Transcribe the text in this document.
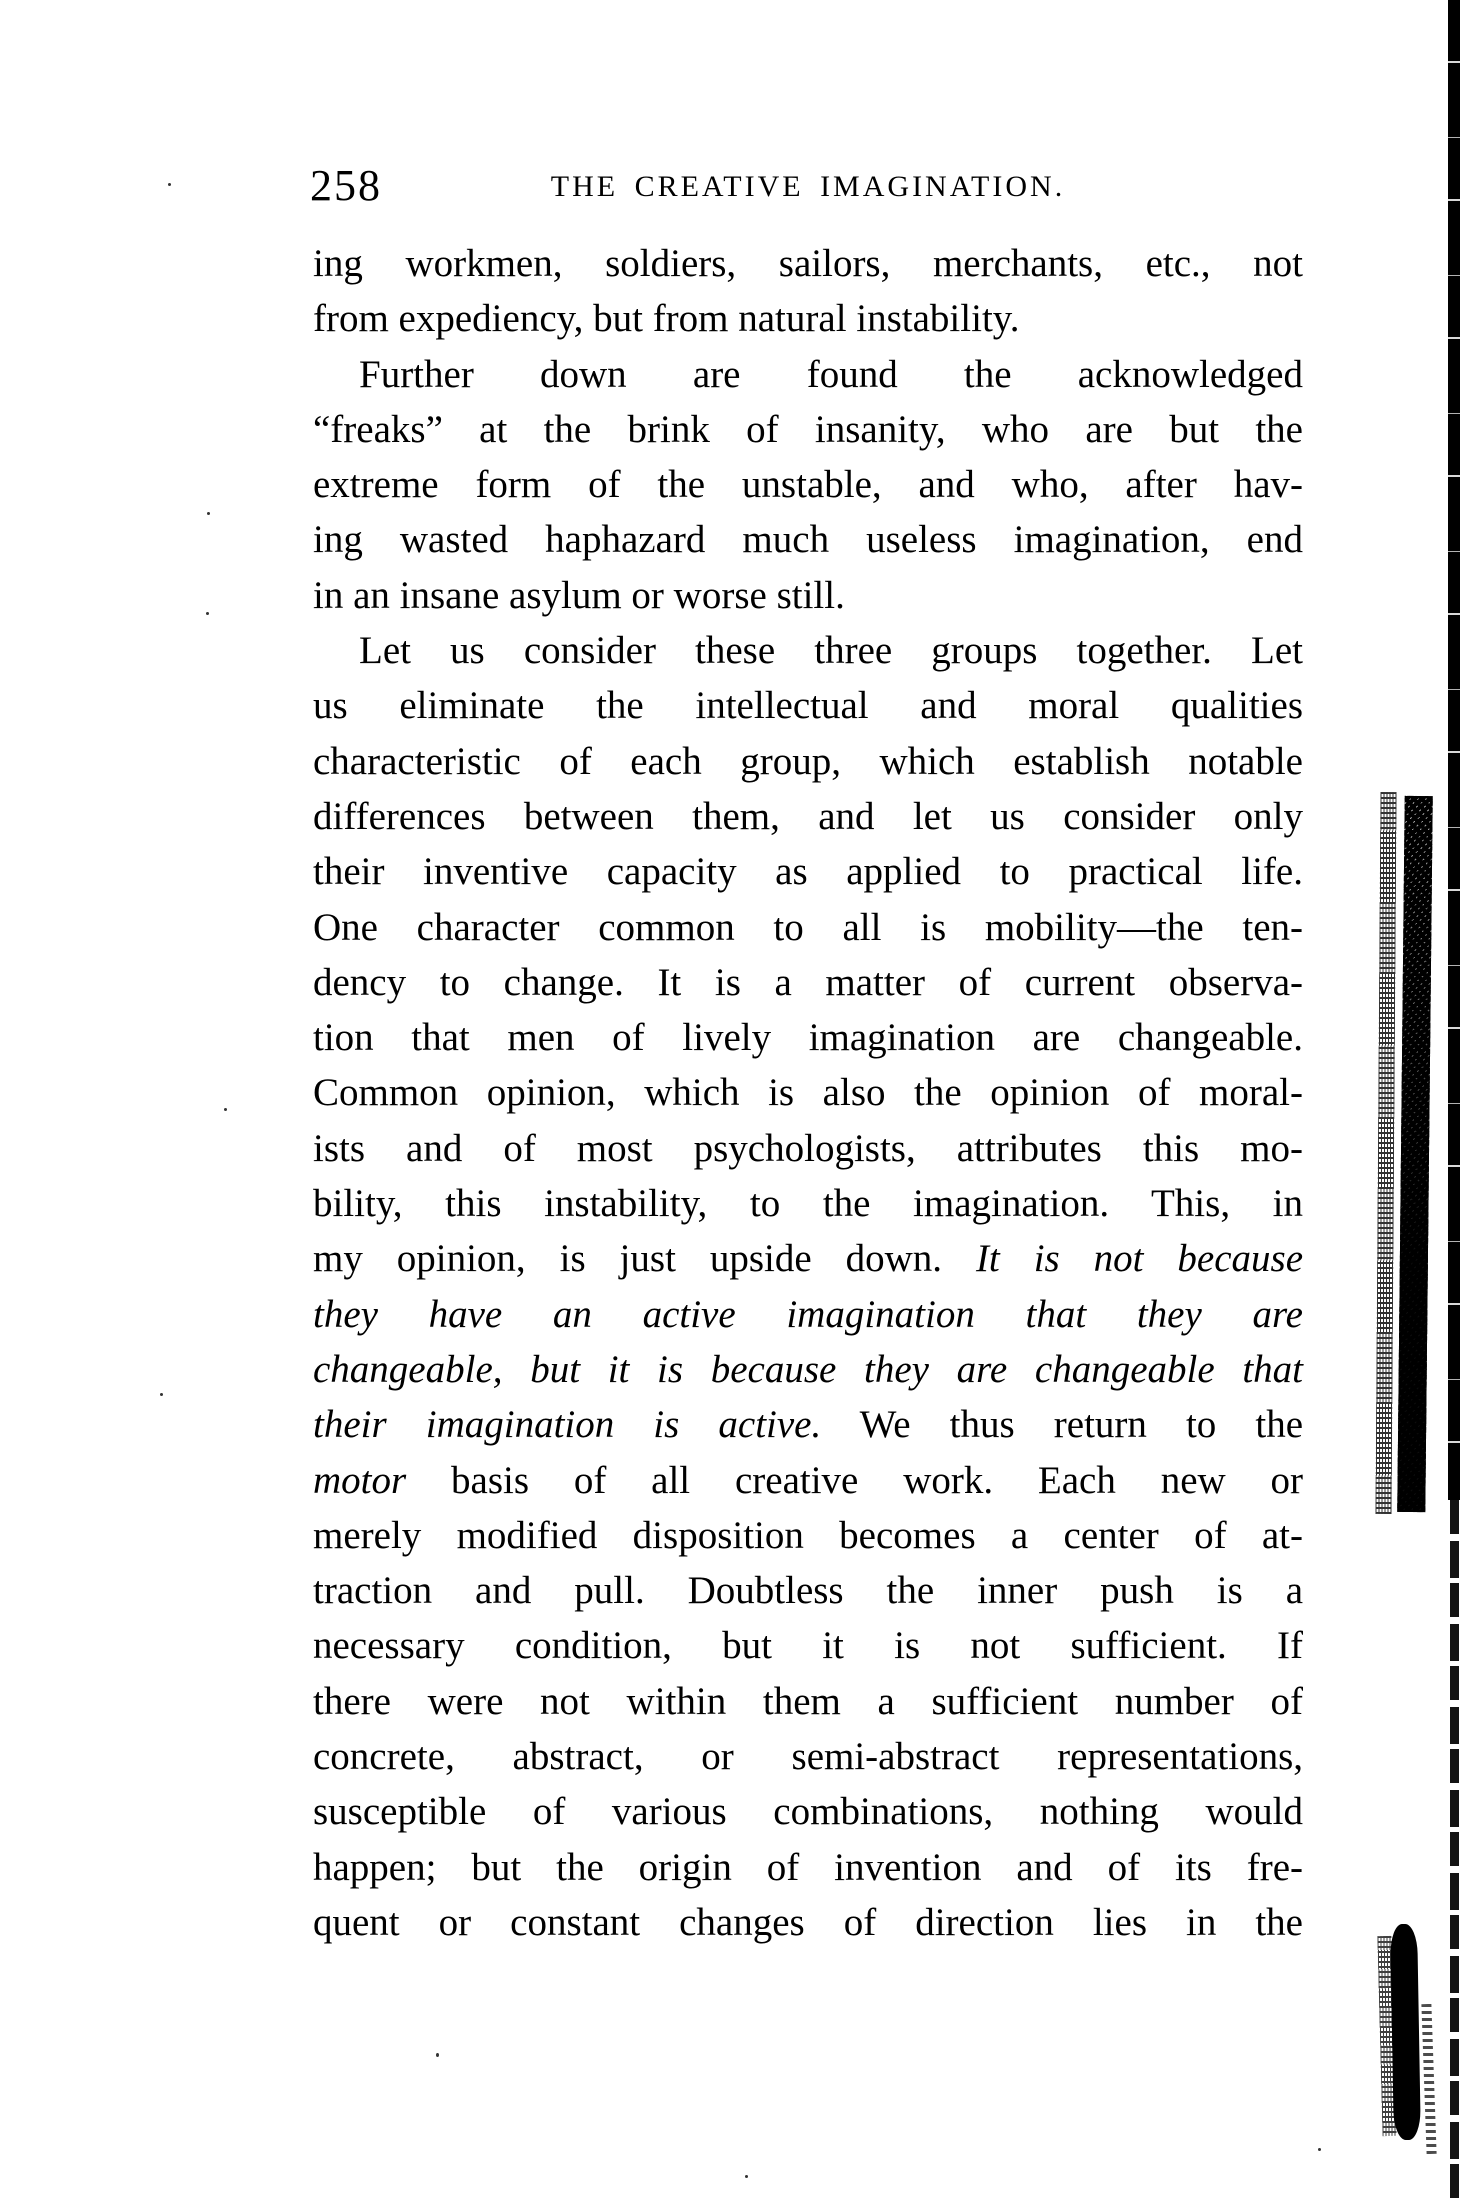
258	THE CREATIVE IMAGINATION.
ing workmen, soldiers, sailors, merchants, etc., not
from expediency, but from natural instability.
Further down are found the acknowledged
“freaks” at the brink of insanity, who are but the
extreme form of the unstable, and who, after hav-
ing wasted haphazard much useless imagination, end
in an insane asylum or worse still.
Let us consider these three groups together. Let
us eliminate the intellectual and moral qualities
characteristic of each group, which establish notable
differences between them, and let us consider only
their inventive capacity as applied to practical life.
One character common to all is mobility—the ten-
dency to change. It is a matter of current observa-
tion that men of lively imagination are changeable.
Common opinion, which is also the opinion of moral-
ists and of most psychologists, attributes this mo-
bility, this instability, to the imagination. This, in
my opinion, is just upside down. It is not because
they have an active imagination that they are
changeable, but it is because they are changeable that
their imagination is active. We thus return to the
motor basis of all creative work. Each new or
merely modified disposition becomes a center of at-
traction and pull. Doubtless the inner push is a
necessary condition, but it is not sufficient. If
there were not within them a sufficient number of
concrete, abstract, or semi-abstract representations,
susceptible of various combinations, nothing would
happen; but the origin of invention and of its fre-
quent or constant changes of direction lies in the
